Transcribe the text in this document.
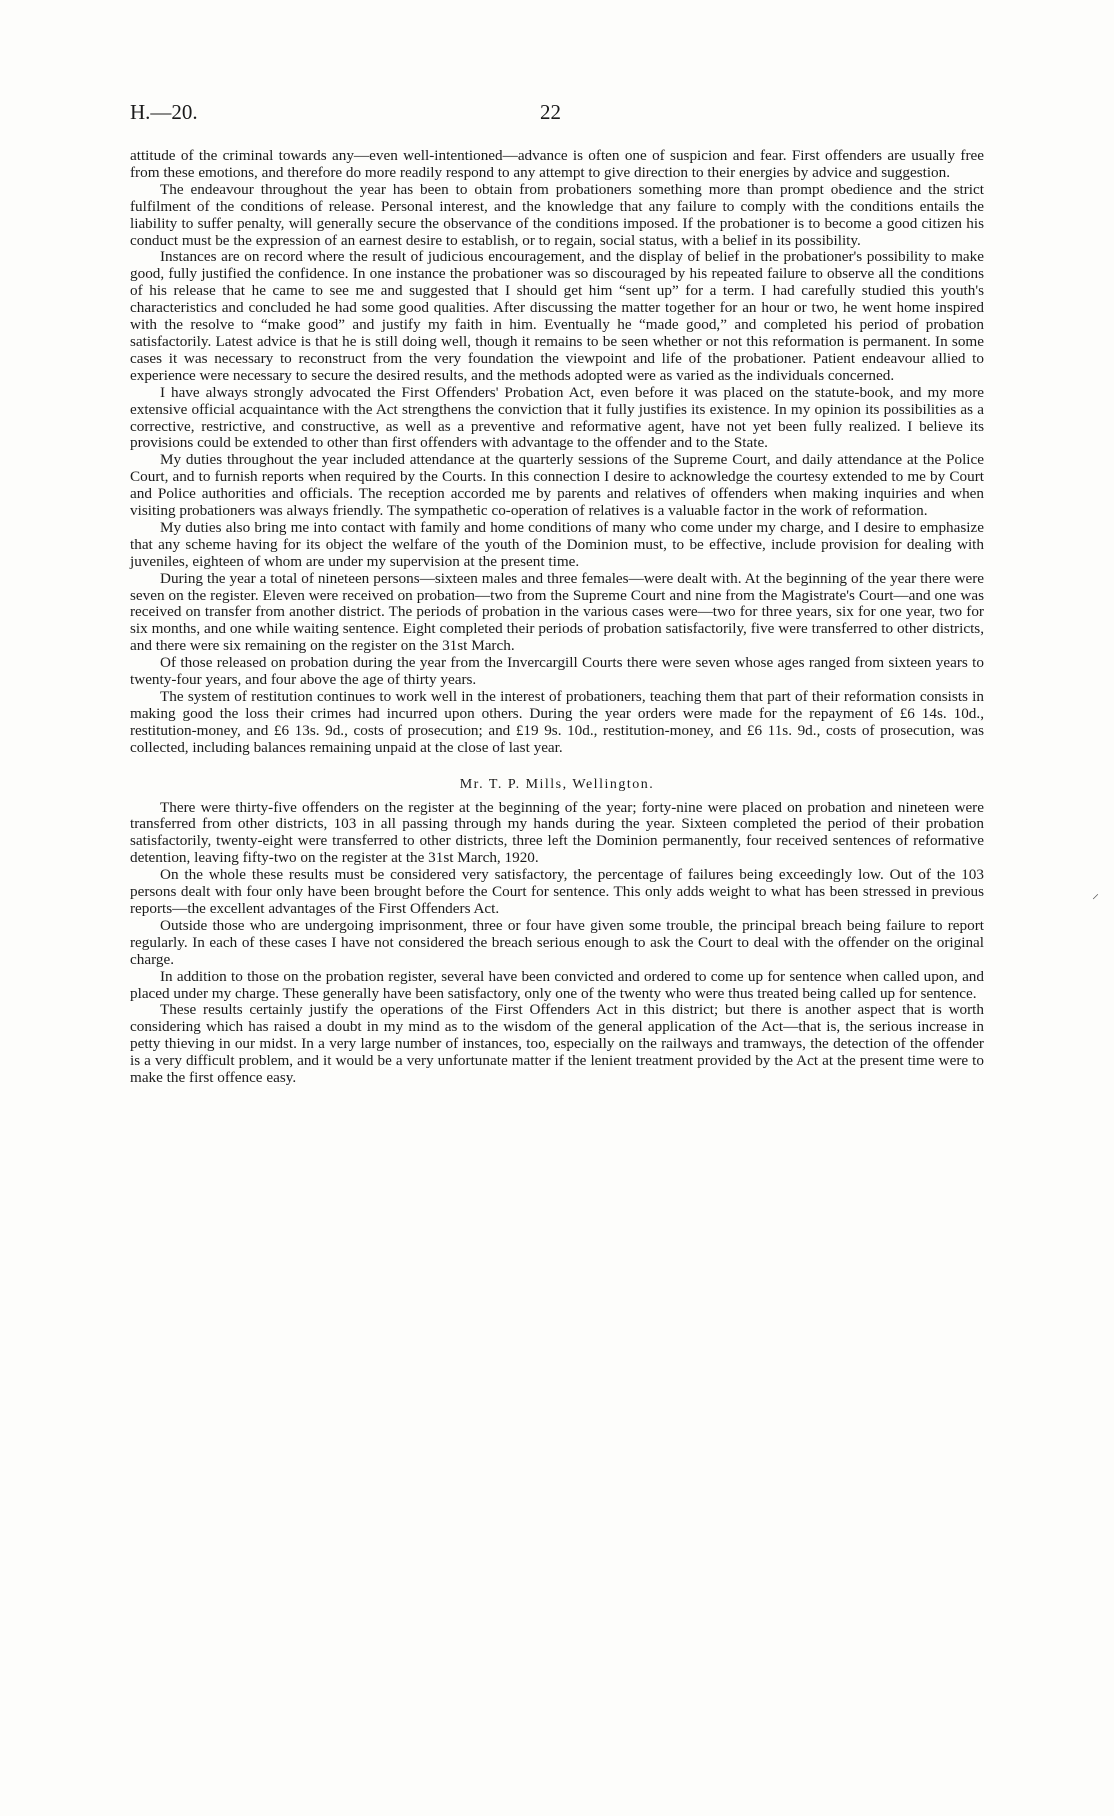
H.—20.	22

attitude of the criminal towards any—even well-intentioned—advance is often one of suspicion and fear. First offenders are usually free from these emotions, and therefore do more readily respond to any attempt to give direction to their energies by advice and suggestion.

The endeavour throughout the year has been to obtain from probationers something more than prompt obedience and the strict fulfilment of the conditions of release. Personal interest, and the knowledge that any failure to comply with the conditions entails the liability to suffer penalty, will generally secure the observance of the conditions imposed. If the probationer is to become a good citizen his conduct must be the expression of an earnest desire to establish, or to regain, social status, with a belief in its possibility.

Instances are on record where the result of judicious encouragement, and the display of belief in the probationer's possibility to make good, fully justified the confidence. In one instance the probationer was so discouraged by his repeated failure to observe all the conditions of his release that he came to see me and suggested that I should get him “sent up” for a term. I had carefully studied this youth's characteristics and concluded he had some good qualities. After discussing the matter together for an hour or two, he went home inspired with the resolve to “make good” and justify my faith in him. Eventually he “made good,” and completed his period of probation satisfactorily. Latest advice is that he is still doing well, though it remains to be seen whether or not this reformation is permanent. In some cases it was necessary to reconstruct from the very foundation the viewpoint and life of the probationer. Patient endeavour allied to experience were necessary to secure the desired results, and the methods adopted were as varied as the individuals concerned.

I have always strongly advocated the First Offenders' Probation Act, even before it was placed on the statute-book, and my more extensive official acquaintance with the Act strengthens the conviction that it fully justifies its existence. In my opinion its possibilities as a corrective, restrictive, and constructive, as well as a preventive and reformative agent, have not yet been fully realized. I believe its provisions could be extended to other than first offenders with advantage to the offender and to the State.

My duties throughout the year included attendance at the quarterly sessions of the Supreme Court, and daily attendance at the Police Court, and to furnish reports when required by the Courts. In this connection I desire to acknowledge the courtesy extended to me by Court and Police authorities and officials. The reception accorded me by parents and relatives of offenders when making inquiries and when visiting probationers was always friendly. The sympathetic co-operation of relatives is a valuable factor in the work of reformation.

My duties also bring me into contact with family and home conditions of many who come under my charge, and I desire to emphasize that any scheme having for its object the welfare of the youth of the Dominion must, to be effective, include provision for dealing with juveniles, eighteen of whom are under my supervision at the present time.

During the year a total of nineteen persons—sixteen males and three females—were dealt with. At the beginning of the year there were seven on the register. Eleven were received on probation—two from the Supreme Court and nine from the Magistrate's Court—and one was received on transfer from another district. The periods of probation in the various cases were—two for three years, six for one year, two for six months, and one while waiting sentence. Eight completed their periods of probation satisfactorily, five were transferred to other districts, and there were six remaining on the register on the 31st March.

Of those released on probation during the year from the Invercargill Courts there were seven whose ages ranged from sixteen years to twenty-four years, and four above the age of thirty years.

The system of restitution continues to work well in the interest of probationers, teaching them that part of their reformation consists in making good the loss their crimes had incurred upon others. During the year orders were made for the repayment of £6 14s. 10d., restitution-money, and £6 13s. 9d., costs of prosecution; and £19 9s. 10d., restitution-money, and £6 11s. 9d., costs of prosecution, was collected, including balances remaining unpaid at the close of last year.

Mr. T. P. Mills, Wellington.

There were thirty-five offenders on the register at the beginning of the year; forty-nine were placed on probation and nineteen were transferred from other districts, 103 in all passing through my hands during the year. Sixteen completed the period of their probation satisfactorily, twenty-eight were transferred to other districts, three left the Dominion permanently, four received sentences of reformative detention, leaving fifty-two on the register at the 31st March, 1920.

On the whole these results must be considered very satisfactory, the percentage of failures being exceedingly low. Out of the 103 persons dealt with four only have been brought before the Court for sentence. This only adds weight to what has been stressed in previous reports—the excellent advantages of the First Offenders Act.

Outside those who are undergoing imprisonment, three or four have given some trouble, the principal breach being failure to report regularly. In each of these cases I have not considered the breach serious enough to ask the Court to deal with the offender on the original charge.

In addition to those on the probation register, several have been convicted and ordered to come up for sentence when called upon, and placed under my charge. These generally have been satisfactory, only one of the twenty who were thus treated being called up for sentence.

These results certainly justify the operations of the First Offenders Act in this district; but there is another aspect that is worth considering which has raised a doubt in my mind as to the wisdom of the general application of the Act—that is, the serious increase in petty thieving in our midst. In a very large number of instances, too, especially on the railways and tramways, the detection of the offender is a very difficult problem, and it would be a very unfortunate matter if the lenient treatment provided by the Act at the present time were to make the first offence easy.

⸍
